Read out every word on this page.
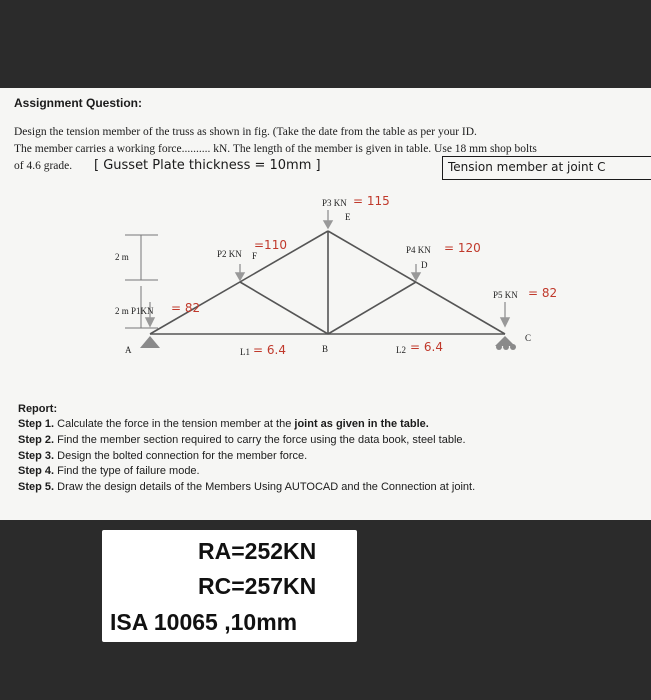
Assignment Question:
Design the tension member of the truss as shown in fig. (Take the date from the table as per your ID.
The member carries a working force.......... kN. The length of the member is given in table. Use 18 mm shop bolts
of 4.6 grade. [ Gusset Plate thickness = 10mm ]	Tension member at joint C
P3 KN = 115
E
P2 KN
=110
F
P4 KN = 120
D
P5 KN = 82
2 m P1KN = 82
2 m
A	B
C
L1 = 6.4	L2 = 6.4
Report:
Step 1. Calculate the force in the tension member at the joint as given in the table.
Step 2. Find the member section required to carry the force using the data book, steel table.
Step 3. Design the bolted connection for the member force.
Step 4. Find the type of failure mode.
Step 5. Draw the design details of the Members Using AUTOCAD and the Connection at joint.
RA=252KN
RC=257KN
ISA 10065 ,10mm
